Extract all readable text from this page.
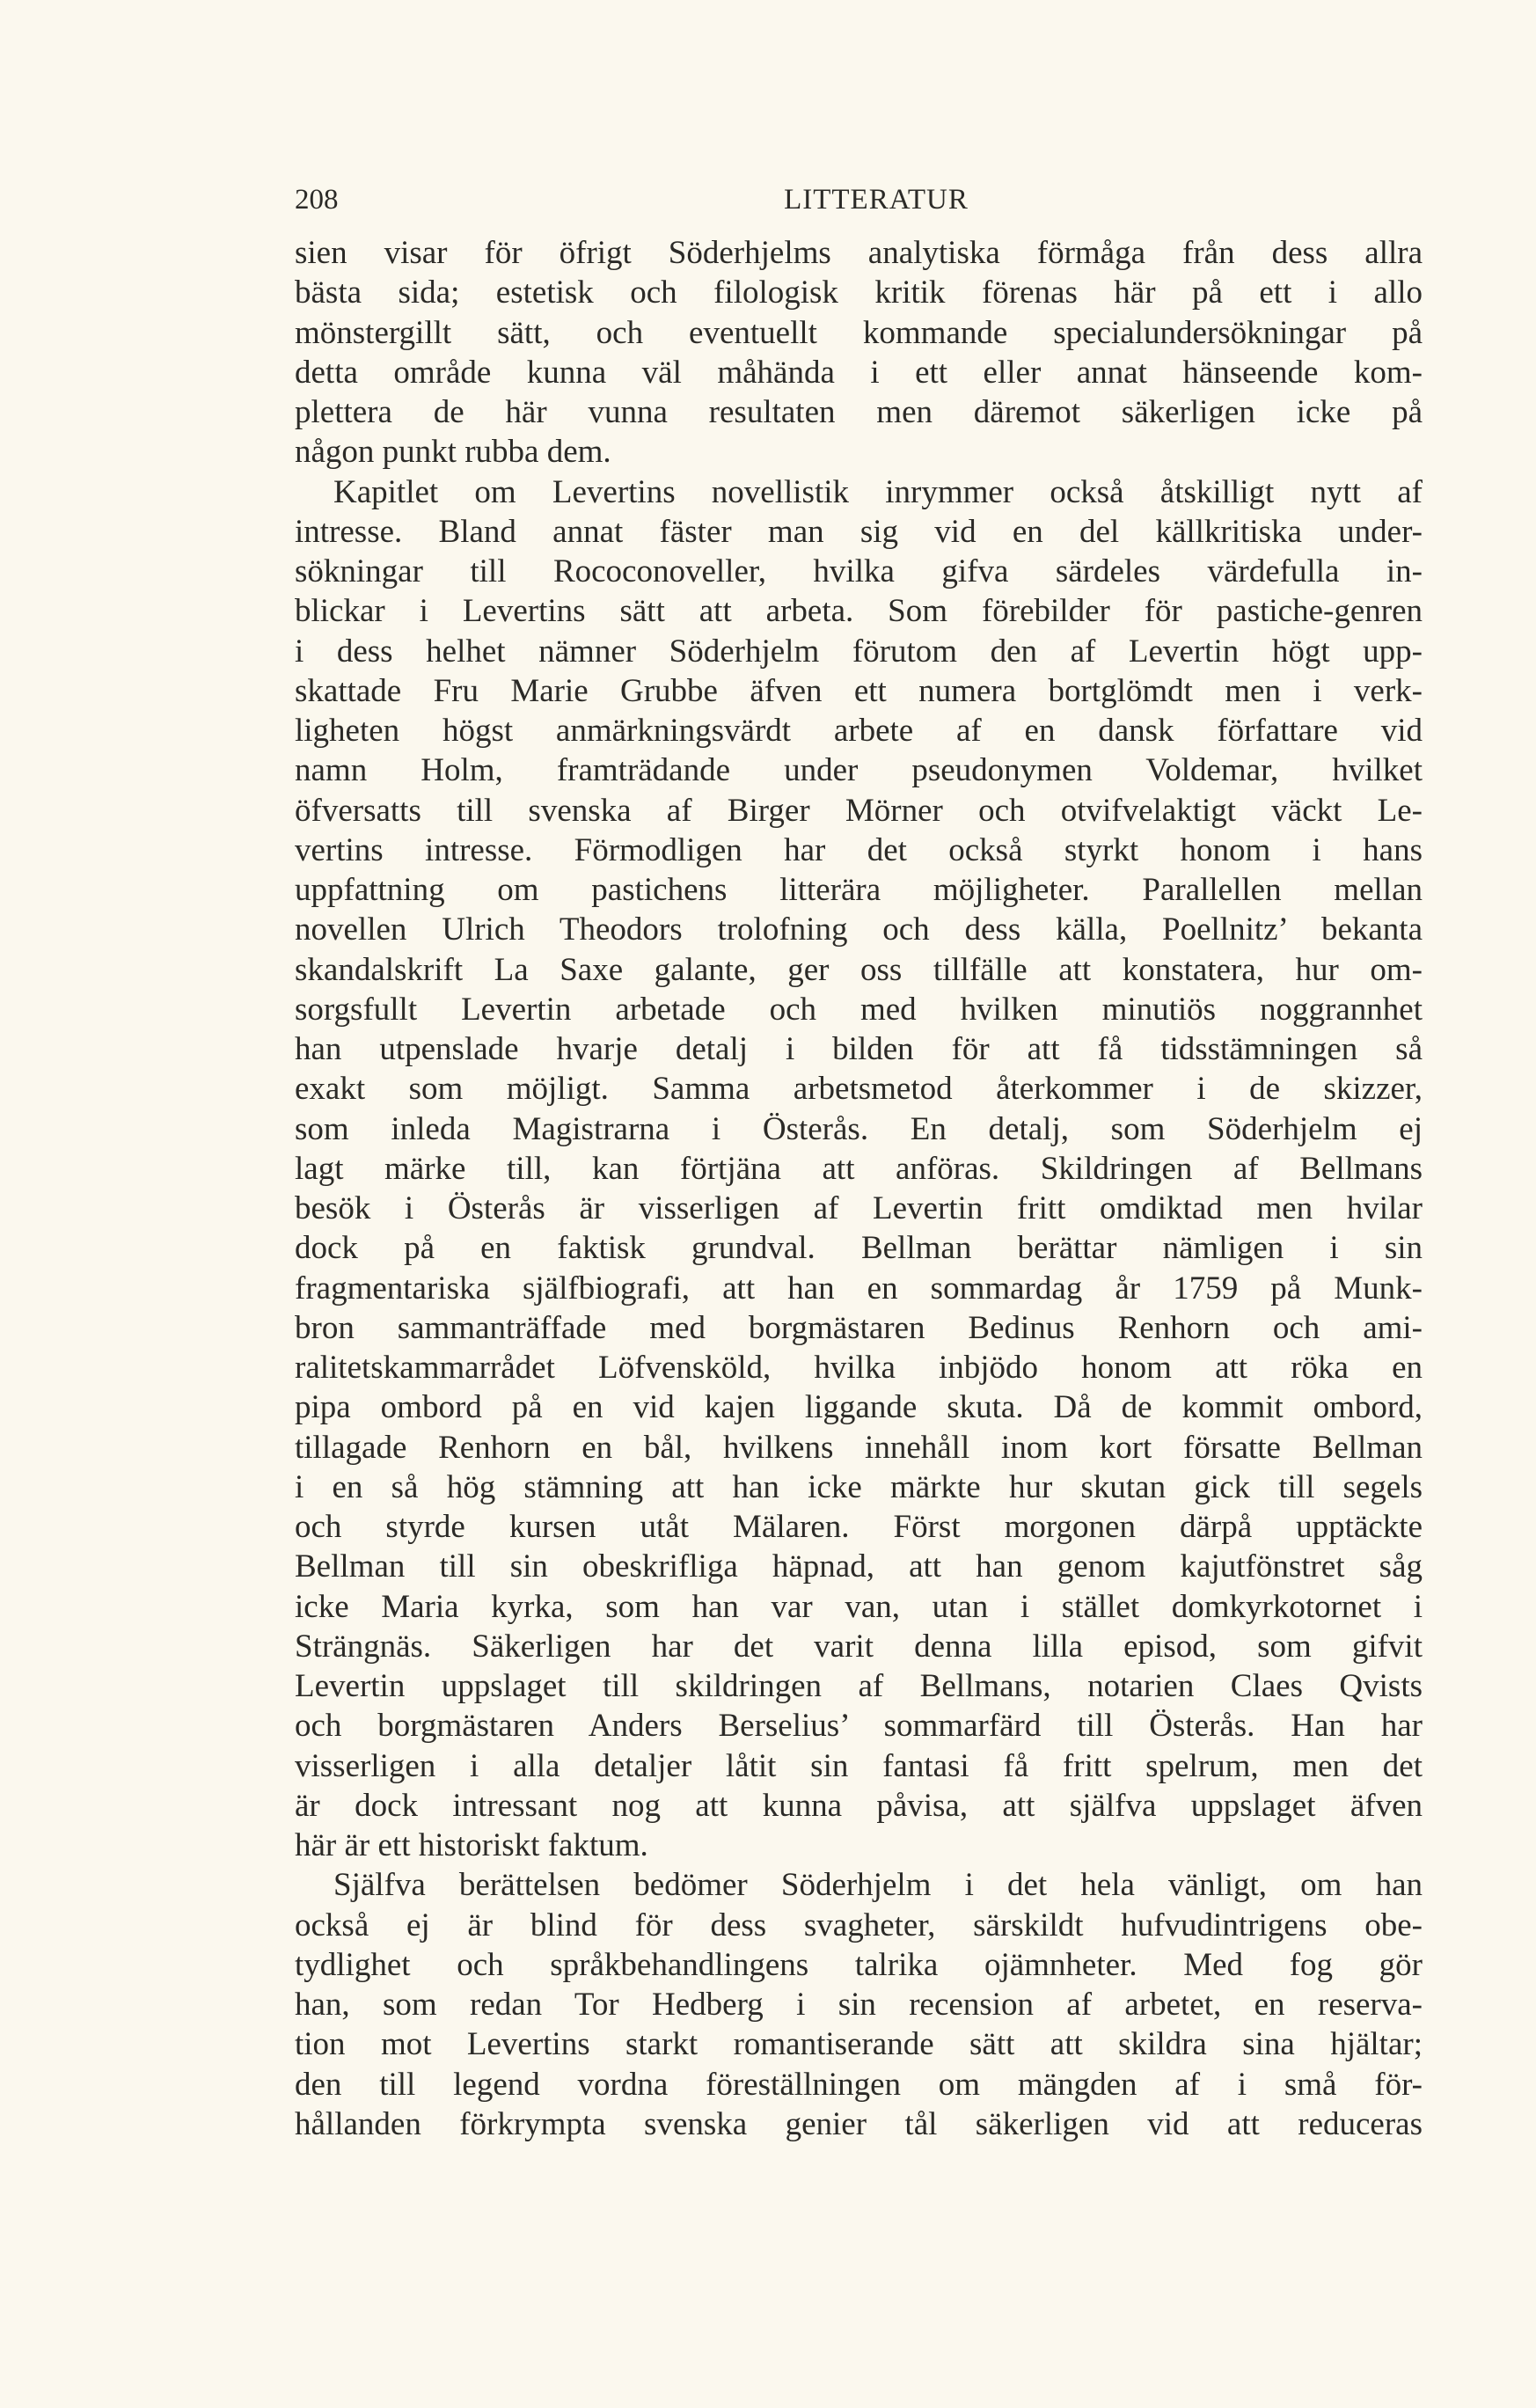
208	LITTERATUR
sien visar för öfrigt Söderhjelms analytiska förmåga från dess allra
bästa sida; estetisk och filologisk kritik förenas här på ett i allo
mönstergillt sätt, och eventuellt kommande specialundersökningar på
detta område kunna väl måhända i ett eller annat hänseende kom-
plettera de här vunna resultaten men däremot säkerligen icke på
någon punkt rubba dem.
Kapitlet om Levertins novellistik inrymmer också åtskilligt nytt af
intresse. Bland annat fäster man sig vid en del källkritiska under-
sökningar till Rococonoveller, hvilka gifva särdeles värdefulla in-
blickar i Levertins sätt att arbeta. Som förebilder för pastiche-genren
i dess helhet nämner Söderhjelm förutom den af Levertin högt upp-
skattade Fru Marie Grubbe äfven ett numera bortglömdt men i verk-
ligheten högst anmärkningsvärdt arbete af en dansk författare vid
namn Holm, framträdande under pseudonymen Voldemar, hvilket
öfversatts till svenska af Birger Mörner och otvifvelaktigt väckt Le-
vertins intresse. Förmodligen har det också styrkt honom i hans
uppfattning om pastichens litterära möjligheter. Parallellen mellan
novellen Ulrich Theodors trolofning och dess källa, Poellnitz’ bekanta
skandalskrift La Saxe galante, ger oss tillfälle att konstatera, hur om-
sorgsfullt Levertin arbetade och med hvilken minutiös noggrannhet
han utpenslade hvarje detalj i bilden för att få tidsstämningen så
exakt som möjligt. Samma arbetsmetod återkommer i de skizzer,
som inleda Magistrarna i Österås. En detalj, som Söderhjelm ej
lagt märke till, kan förtjäna att anföras. Skildringen af Bellmans
besök i Österås är visserligen af Levertin fritt omdiktad men hvilar
dock på en faktisk grundval. Bellman berättar nämligen i sin
fragmentariska själfbiografi, att han en sommardag år 1759 på Munk-
bron sammanträffade med borgmästaren Bedinus Renhorn och ami-
ralitetskammarrådet Löfvensköld, hvilka inbjödo honom att röka en
pipa ombord på en vid kajen liggande skuta. Då de kommit ombord,
tillagade Renhorn en bål, hvilkens innehåll inom kort försatte Bellman
i en så hög stämning att han icke märkte hur skutan gick till segels
och styrde kursen utåt Mälaren. Först morgonen därpå upptäckte
Bellman till sin obeskrifliga häpnad, att han genom kajutfönstret såg
icke Maria kyrka, som han var van, utan i stället domkyrkotornet i
Strängnäs. Säkerligen har det varit denna lilla episod, som gifvit
Levertin uppslaget till skildringen af Bellmans, notarien Claes Qvists
och borgmästaren Anders Berselius’ sommarfärd till Österås. Han har
visserligen i alla detaljer låtit sin fantasi få fritt spelrum, men det
är dock intressant nog att kunna påvisa, att själfva uppslaget äfven
här är ett historiskt faktum.
Själfva berättelsen bedömer Söderhjelm i det hela vänligt, om han
också ej är blind för dess svagheter, särskildt hufvudintrigens obe-
tydlighet och språkbehandlingens talrika ojämnheter. Med fog gör
han, som redan Tor Hedberg i sin recension af arbetet, en reserva-
tion mot Levertins starkt romantiserande sätt att skildra sina hjältar;
den till legend vordna föreställningen om mängden af i små för-
hållanden förkrympta svenska genier tål säkerligen vid att reduceras
